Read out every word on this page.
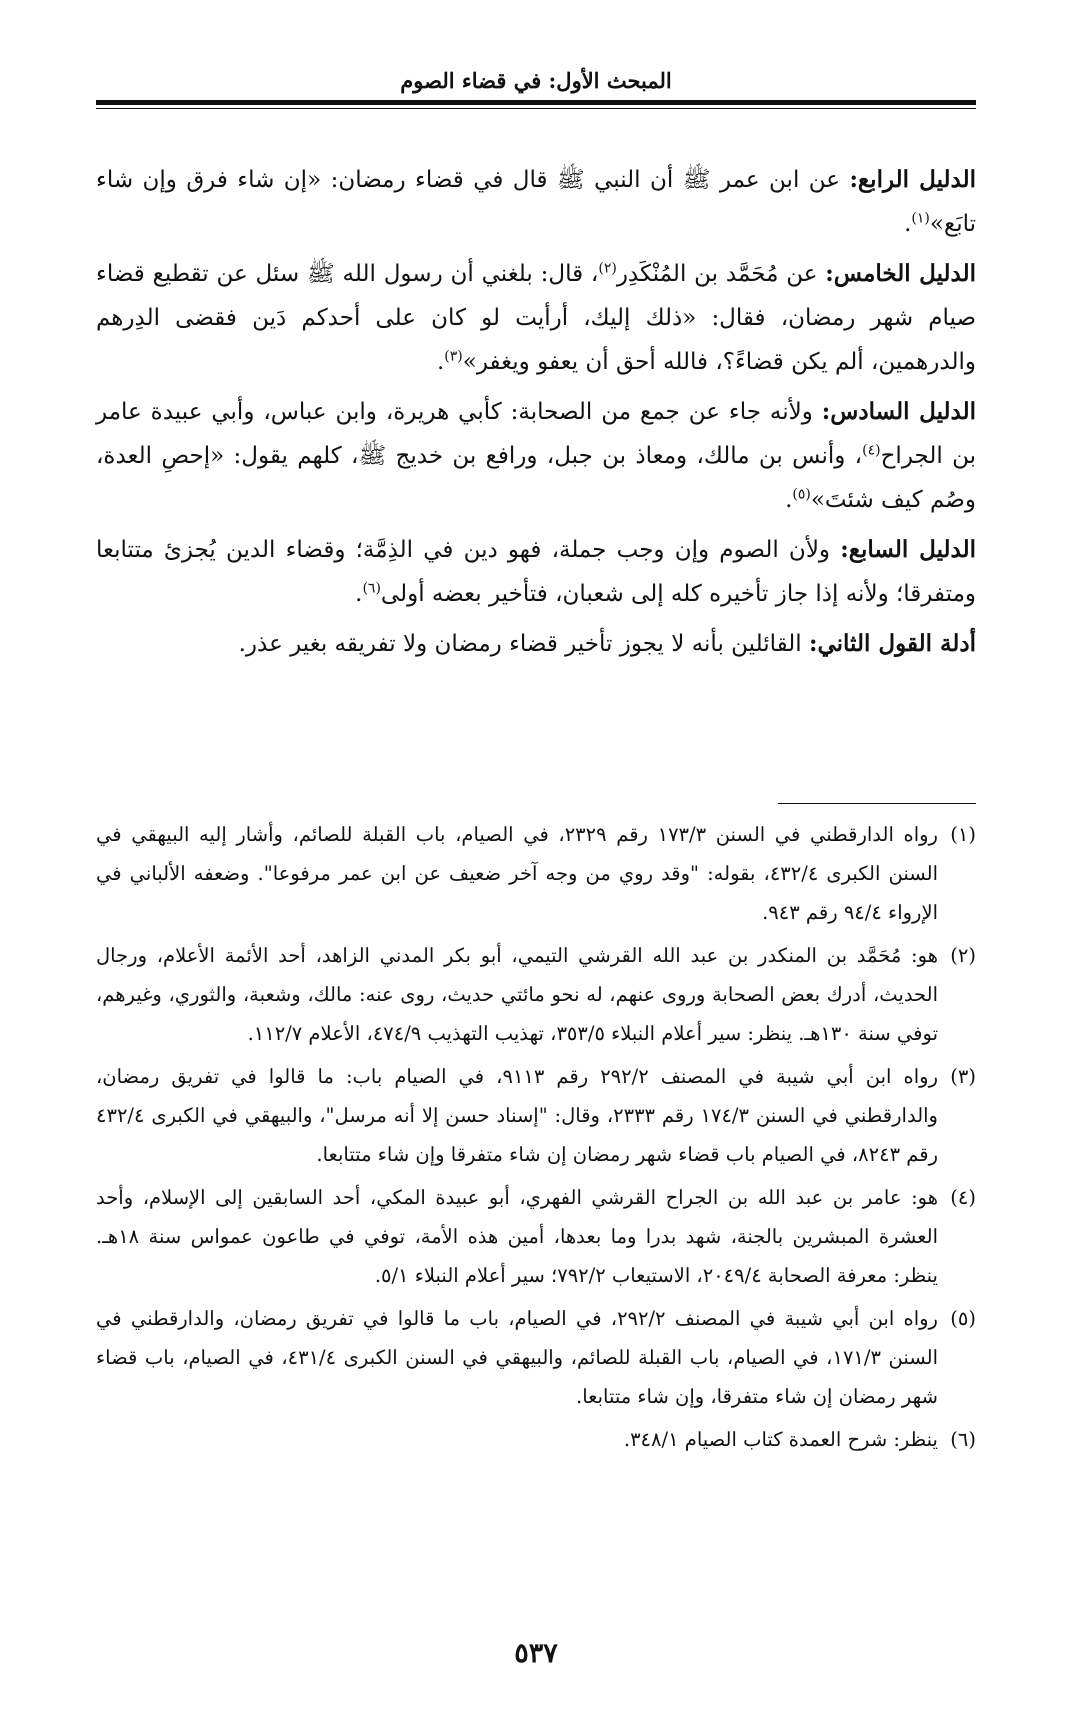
المبحث الأول: في قضاء الصوم

الدليل الرابع: عن ابن عمر ﷺ أن النبي ﷺ قال في قضاء رمضان: «إن شاء فرق وإن شاء تابَع»$^{(١)}$.

الدليل الخامس: عن مُحَمَّد بن المُنْكَدِر$^{(٢)}$، قال: بلغني أن رسول الله ﷺ سئل عن تقطيع قضاء صيام شهر رمضان، فقال: «ذلك إليك، أرأيت لو كان على أحدكم دَين فقضى الدِرهم والدرهمين، ألم يكن قضاءً؟، فالله أحق أن يعفو ويغفر»$^{(٣)}$.

الدليل السادس: ولأنه جاء عن جمع من الصحابة: كأبي هريرة، وابن عباس، وأبي عبيدة عامر بن الجراح$^{(٤)}$، وأنس بن مالك، ومعاذ بن جبل، ورافع بن خديج ﷺ، كلهم يقول: «إحصِ العدة، وصُم كيف شئتَ»$^{(٥)}$.

الدليل السابع: ولأن الصوم وإن وجب جملة، فهو دين في الذِمَّة؛ وقضاء الدين يُجزئ متتابعا ومتفرقا؛ ولأنه إذا جاز تأخيره كله إلى شعبان، فتأخير بعضه أولى$^{(٦)}$.

أدلة القول الثاني: القائلين بأنه لا يجوز تأخير قضاء رمضان ولا تفريقه بغير عذر.

(١)
رواه الدارقطني في السنن ١٧٣/٣ رقم ٢٣٢٩، في الصيام، باب القبلة للصائم، وأشار إليه البيهقي في السنن الكبرى ٤٣٢/٤، بقوله: "وقد روي من وجه آخر ضعيف عن ابن عمر مرفوعا". وضعفه الألباني في الإرواء ٩٤/٤ رقم ٩٤٣.
(٢)
هو: مُحَمَّد بن المنكدر بن عبد الله القرشي التيمي، أبو بكر المدني الزاهد، أحد الأئمة الأعلام، ورجال الحديث، أدرك بعض الصحابة وروى عنهم، له نحو مائتي حديث، روى عنه: مالك، وشعبة، والثوري، وغيرهم، توفي سنة ١٣٠هـ. ينظر: سير أعلام النبلاء ٣٥٣/٥، تهذيب التهذيب ٤٧٤/٩، الأعلام ١١٢/٧.
(٣)
رواه ابن أبي شيبة في المصنف ٢٩٢/٢ رقم ٩١١٣، في الصيام باب: ما قالوا في تفريق رمضان، والدارقطني في السنن ١٧٤/٣ رقم ٢٣٣٣، وقال: "إسناد حسن إلا أنه مرسل"، والبيهقي في الكبرى ٤٣٢/٤ رقم ٨٢٤٣، في الصيام باب قضاء شهر رمضان إن شاء متفرقا وإن شاء متتابعا.
(٤)
هو: عامر بن عبد الله بن الجراح القرشي الفهري، أبو عبيدة المكي، أحد السابقين إلى الإسلام، وأحد العشرة المبشرين بالجنة، شهد بدرا وما بعدها، أمين هذه الأمة، توفي في طاعون عمواس سنة ١٨هـ. ينظر: معرفة الصحابة ٢٠٤٩/٤، الاستيعاب ٧٩٢/٢؛ سير أعلام النبلاء ٥/١.
(٥)
رواه ابن أبي شيبة في المصنف ٢٩٢/٢، في الصيام، باب ما قالوا في تفريق رمضان، والدارقطني في السنن ١٧١/٣، في الصيام، باب القبلة للصائم، والبيهقي في السنن الكبرى ٤٣١/٤، في الصيام، باب قضاء شهر رمضان إن شاء متفرقا، وإن شاء متتابعا.
(٦)
ينظر: شرح العمدة كتاب الصيام ٣٤٨/١.
٥٣٧
